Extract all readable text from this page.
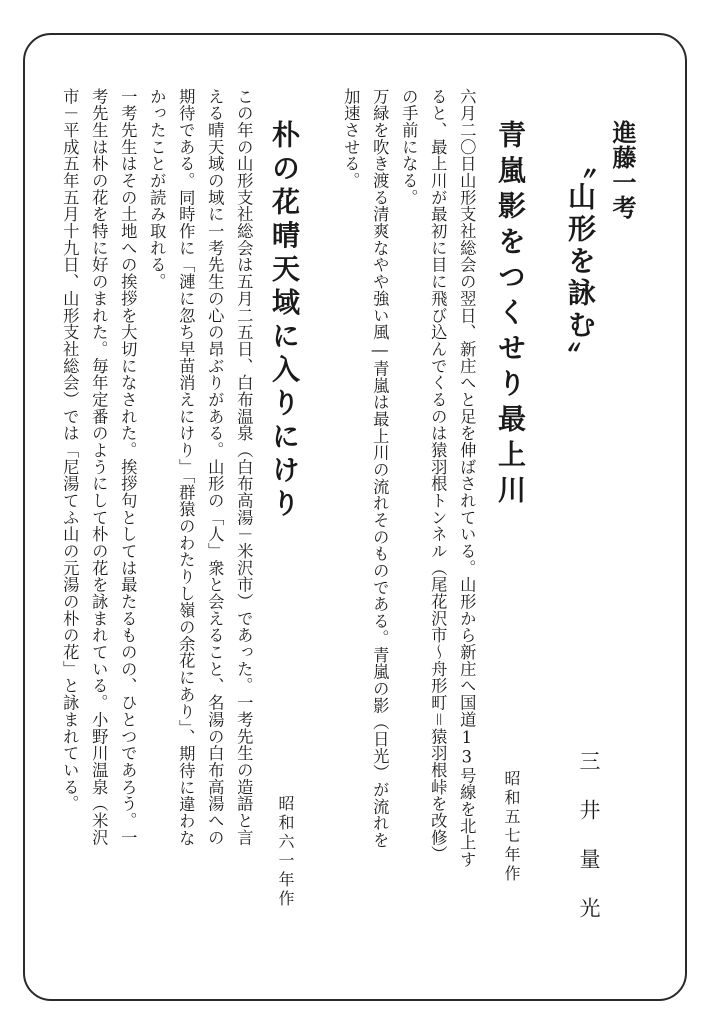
進藤一考
〝山形を詠む〟
三井量光
青嵐影をつくせり最上川
昭和五七年作
六月二〇日山形支社総会の翌日、新庄へと足を伸ばされている。山形から新庄へ国道13号線を北上す
ると、最上川が最初に目に飛び込んでくるのは猿羽根トンネル（尾花沢市～舟形町＝猿羽根峠を改修）
の手前になる。
万緑を吹き渡る清爽なやや強い風―青嵐は最上川の流れそのものである。青嵐の影（日光）が流れを
加速させる。
朴の花晴天域に入りにけり
昭和六一年作
この年の山形支社総会は五月二五日、白布温泉（白布高湯－米沢市）であった。一考先生の造語と言
える晴天域の域に一考先生の心の昂ぶりがある。山形の「人」衆と会えること、名湯の白布高湯への
期待である。同時作に「漣に忽ち早苗消えにけり」「群猿のわたりし嶺の余花にあり」、期待に違わな
かったことが読み取れる。
一考先生はその土地への挨拶を大切になされた。挨拶句としては最たるものの、ひとつであろう。一
考先生は朴の花を特に好のまれた。毎年定番のようにして朴の花を詠まれている。小野川温泉（米沢
市－平成五年五月十九日、山形支社総会）では「尼湯てふ山の元湯の朴の花」と詠まれている。
